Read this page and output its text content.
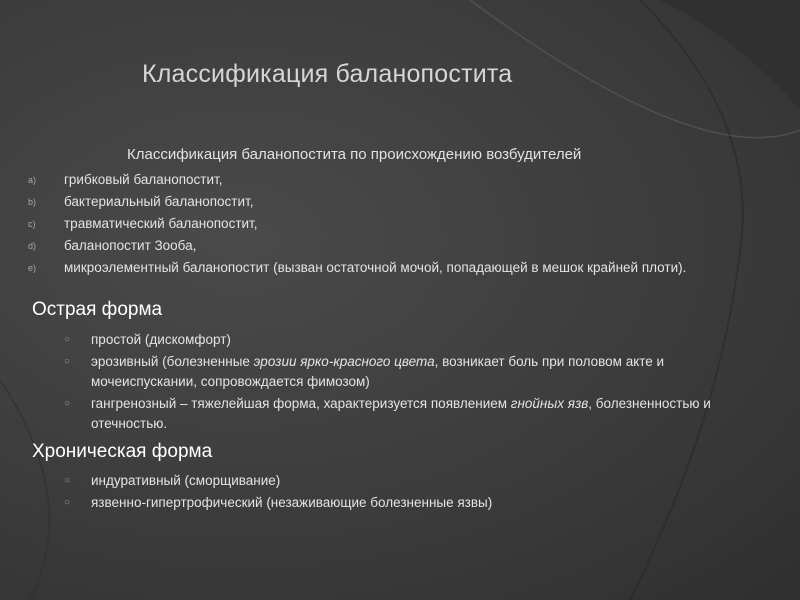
Классификация баланопостита
Классификация баланопостита по происхождению возбудителей
a) грибковый баланопостит,
b) бактериальный баланопостит,
c) травматический баланопостит,
d) баланопостит Зооба,
e) микроэлементный баланопостит (вызван остаточной мочой, попадающей в мешок крайней плоти).
Острая форма
○ простой (дискомфорт)
○ эрозивный (болезненные эрозии ярко-красного цвета, возникает боль при половом акте и мочеиспускании, сопровождается фимозом)
○ гангренозный – тяжелейшая форма, характеризуется появлением гнойных язв, болезненностью и отечностью.
Хроническая форма
○ индуративный (сморщивание)
○ язвенно-гипертрофический (незаживающие болезненные язвы)
